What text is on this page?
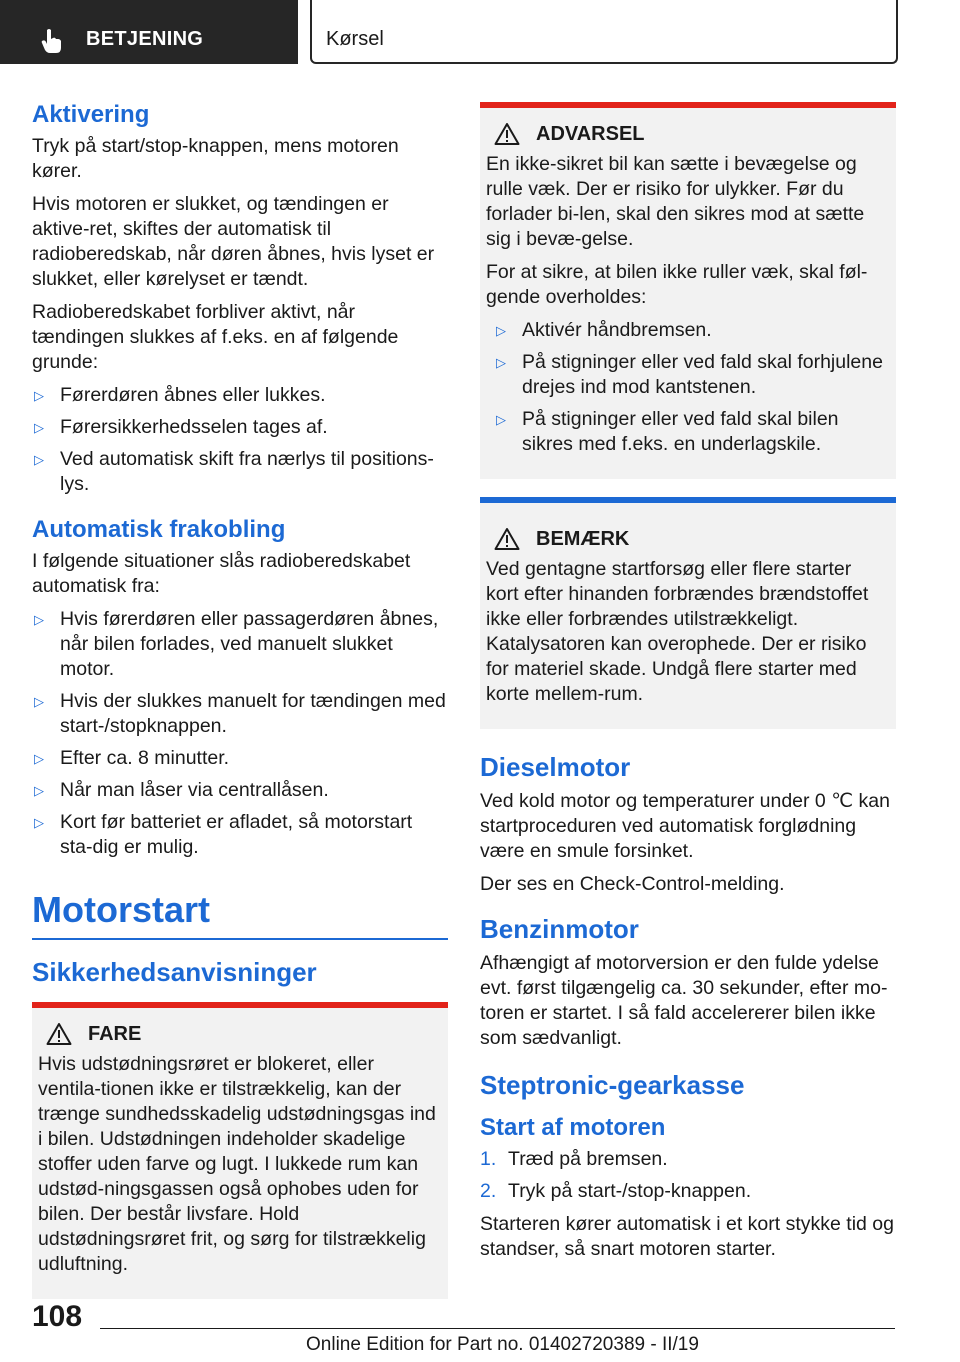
BETJENING	Kørsel
Aktivering

Tryk på start/stop-knappen, mens motoren kører.

Hvis motoren er slukket, og tændingen er aktive-ret, skiftes der automatisk til radioberedskab, når døren åbnes, hvis lyset er slukket, eller kørelyset er tændt.

Radioberedskabet forbliver aktivt, når tændingen slukkes af f.eks. en af følgende grunde:

▷ Førerdøren åbnes eller lukkes.
▷ Førersikkerhedsselen tages af.
▷ Ved automatisk skift fra nærlys til positions-lys.
Automatisk frakobling

I følgende situationer slås radioberedskabet automatisk fra:

▷ Hvis førerdøren eller passagerdøren åbnes, når bilen forlades, ved manuelt slukket motor.
▷ Hvis der slukkes manuelt for tændingen med start-/stopknappen.
▷ Efter ca. 8 minutter.
▷ Når man låser via centrallåsen.
▷ Kort før batteriet er afladet, så motorstart sta-dig er mulig.
Motorstart
Sikkerhedsanvisninger
FARE

Hvis udstødningsrøret er blokeret, eller ventila-tionen ikke er tilstrækkelig, kan der trænge sundhedsskadelig udstødningsgas ind i bilen. Udstødningen indeholder skadelige stoffer uden farve og lugt. I lukkede rum kan udstød-ningsgassen også ophobes uden for bilen. Der består livsfare. Hold udstødningsrøret frit, og sørg for tilstrækkelig udluftning.

ADVARSEL

En ikke-sikret bil kan sætte i bevægelse og rulle væk. Der er risiko for ulykker. Før du forlader bi-len, skal den sikres mod at sætte sig i bevæ-gelse.

For at sikre, at bilen ikke ruller væk, skal føl-gende overholdes:

▷ Aktivér håndbremsen.
▷ På stigninger eller ved fald skal forhjulene drejes ind mod kantstenen.
▷ På stigninger eller ved fald skal bilen sikres med f.eks. en underlagskile.
BEMÆRK

Ved gentagne startforsøg eller flere starter kort efter hinanden forbrændes brændstoffet ikke eller forbrændes utilstrækkeligt. Katalysatoren kan overophede. Der er risiko for materiel skade. Undgå flere starter med korte mellem-rum.

Dieselmotor

Ved kold motor og temperaturer under 0 ℃ kan startproceduren ved automatisk forglødning være en smule forsinket.

Der ses en Check-Control-melding.

Benzinmotor

Afhængigt af motorversion er den fulde ydelse evt. først tilgængelig ca. 30 sekunder, efter mo-toren er startet. I så fald accelererer bilen ikke som sædvanligt.

Steptronic-gearkasse
Start af motoren
1. Træd på bremsen.
2. Tryk på start-/stop-knappen.

Starteren kører automatisk i et kort stykke tid og standser, så snart motoren starter.

108
Online Edition for Part no. 01402720389 - II/19
